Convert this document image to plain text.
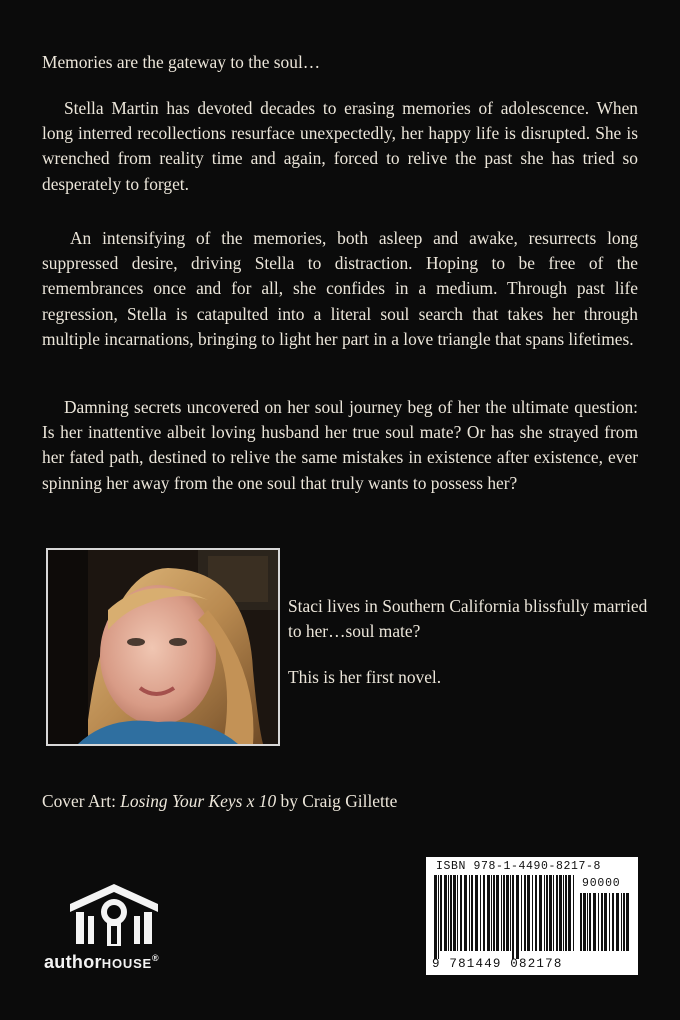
Memories are the gateway to the soul…

Stella Martin has devoted decades to erasing memories of adolescence. When long interred recollections resurface unexpectedly, her happy life is disrupted. She is wrenched from reality time and again, forced to relive the past she has tried so desperately to forget.

An intensifying of the memories, both asleep and awake, resurrects long suppressed desire, driving Stella to distraction. Hoping to be free of the remembrances once and for all, she confides in a medium. Through past life regression, Stella is catapulted into a literal soul search that takes her through multiple incarnations, bringing to light her part in a love triangle that spans lifetimes.

Damning secrets uncovered on her soul journey beg of her the ultimate question: Is her inattentive albeit loving husband her true soul mate? Or has she strayed from her fated path, destined to relive the same mistakes in existence after existence, ever spinning her away from the one soul that truly wants to possess her?

Staci lives in Southern California blissfully married to her…soul mate?

This is her first novel.

Cover Art: Losing Your Keys x 10 by Craig Gillette

authorHOUSE®
ISBN 978-1-4490-8217-8
90000
9 781449 082178
